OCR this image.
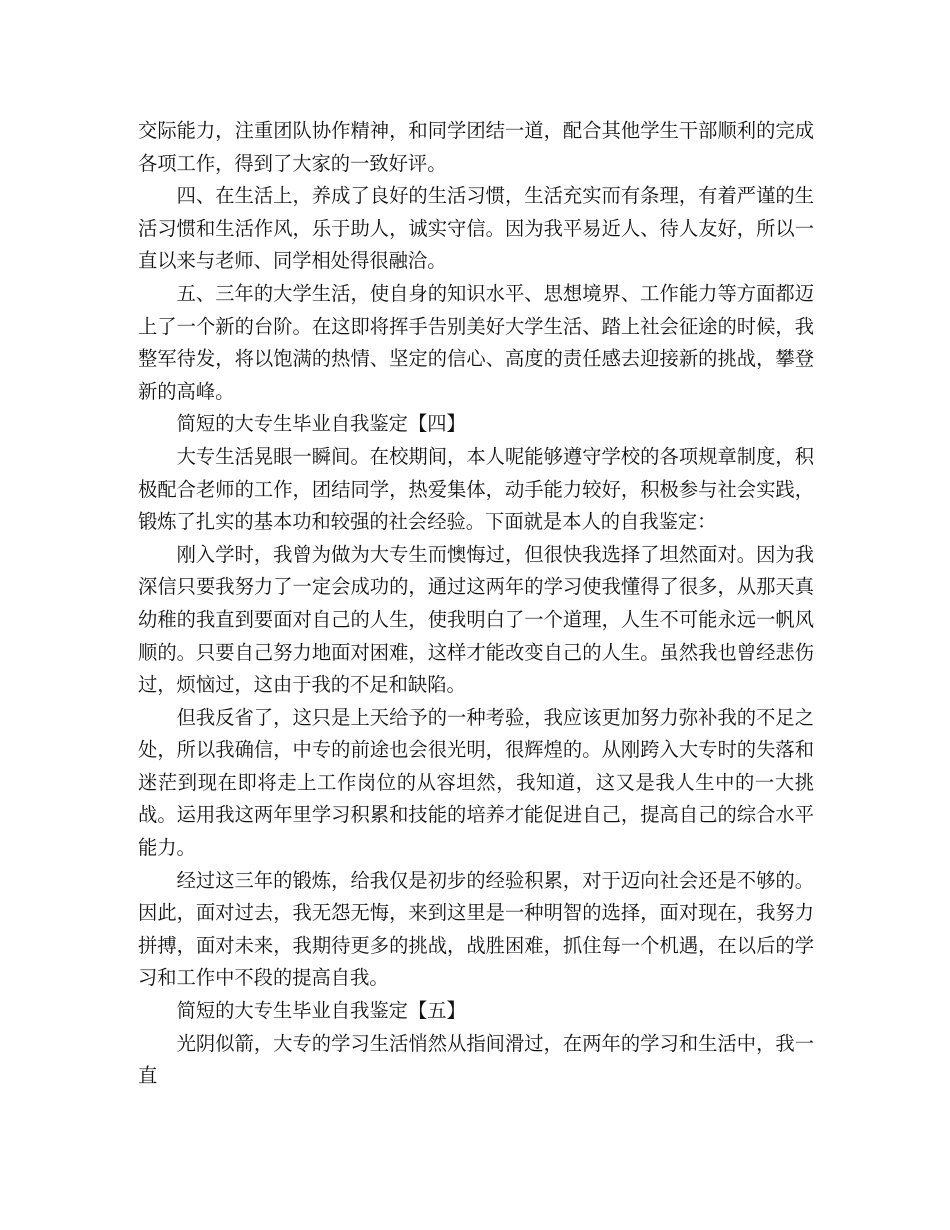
交际能力，注重团队协作精神，和同学团结一道，配合其他学生干部顺利的完成各项工作，得到了大家的一致好评。

四、在生活上，养成了良好的生活习惯，生活充实而有条理，有着严谨的生活习惯和生活作风，乐于助人，诚实守信。因为我平易近人、待人友好，所以一直以来与老师、同学相处得很融洽。

五、三年的大学生活，使自身的知识水平、思想境界、工作能力等方面都迈上了一个新的台阶。在这即将挥手告别美好大学生活、踏上社会征途的时候，我整军待发，将以饱满的热情、坚定的信心、高度的责任感去迎接新的挑战，攀登新的高峰。

简短的大专生毕业自我鉴定【四】

大专生活晃眼一瞬间。在校期间，本人呢能够遵守学校的各项规章制度，积极配合老师的工作，团结同学，热爱集体，动手能力较好，积极参与社会实践，锻炼了扎实的基本功和较强的社会经验。下面就是本人的自我鉴定：

刚入学时，我曾为做为大专生而懊悔过，但很快我选择了坦然面对。因为我深信只要我努力了一定会成功的，通过这两年的学习使我懂得了很多，从那天真幼稚的我直到要面对自己的人生，使我明白了一个道理，人生不可能永远一帆风顺的。只要自己努力地面对困难，这样才能改变自己的人生。虽然我也曾经悲伤过，烦恼过，这由于我的不足和缺陷。

但我反省了，这只是上天给予的一种考验，我应该更加努力弥补我的不足之处，所以我确信，中专的前途也会很光明，很辉煌的。从刚跨入大专时的失落和迷茫到现在即将走上工作岗位的从容坦然，我知道，这又是我人生中的一大挑战。运用我这两年里学习积累和技能的培养才能促进自己，提高自己的综合水平能力。

经过这三年的锻炼，给我仅是初步的经验积累，对于迈向社会还是不够的。因此，面对过去，我无怨无悔，来到这里是一种明智的选择，面对现在，我努力拼搏，面对未来，我期待更多的挑战，战胜困难，抓住每一个机遇，在以后的学习和工作中不段的提高自我。

简短的大专生毕业自我鉴定【五】

光阴似箭，大专的学习生活悄然从指间滑过，在两年的学习和生活中，我一直
